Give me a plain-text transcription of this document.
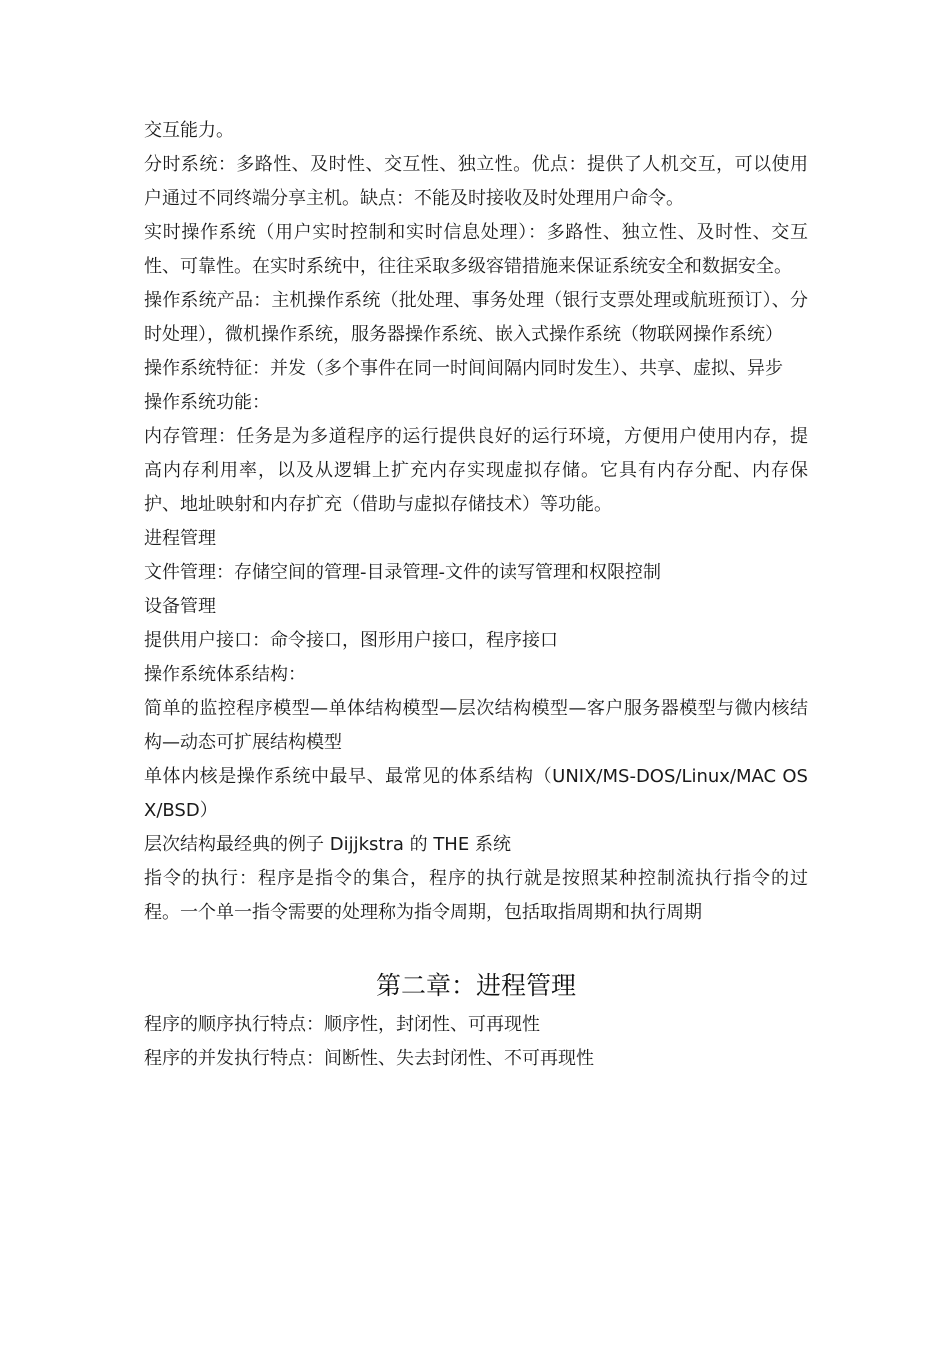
交互能力。

分时系统：多路性、及时性、交互性、独立性。优点：提供了人机交互，可以使用户通过不同终端分享主机。缺点：不能及时接收及时处理用户命令。

实时操作系统（用户实时控制和实时信息处理）：多路性、独立性、及时性、交互性、可靠性。在实时系统中，往往采取多级容错措施来保证系统安全和数据安全。

操作系统产品：主机操作系统（批处理、事务处理（银行支票处理或航班预订）、分时处理），微机操作系统，服务器操作系统、嵌入式操作系统（物联网操作系统）

操作系统特征：并发（多个事件在同一时间间隔内同时发生）、共享、虚拟、异步

操作系统功能：

内存管理：任务是为多道程序的运行提供良好的运行环境，方便用户使用内存，提高内存利用率，以及从逻辑上扩充内存实现虚拟存储。它具有内存分配、内存保护、地址映射和内存扩充（借助与虚拟存储技术）等功能。

进程管理

文件管理：存储空间的管理-目录管理-文件的读写管理和权限控制

设备管理

提供用户接口：命令接口，图形用户接口，程序接口

操作系统体系结构：

简单的监控程序模型—单体结构模型—层次结构模型—客户服务器模型与微内核结构—动态可扩展结构模型

单体内核是操作系统中最早、最常见的体系结构（UNIX/MS-DOS/Linux/MAC OS X/BSD）

层次结构最经典的例子 Dijjkstra 的 THE 系统

指令的执行：程序是指令的集合，程序的执行就是按照某种控制流执行指令的过程。一个单一指令需要的处理称为指令周期，包括取指周期和执行周期

第二章：进程管理

程序的顺序执行特点：顺序性，封闭性、可再现性

程序的并发执行特点：间断性、失去封闭性、不可再现性
